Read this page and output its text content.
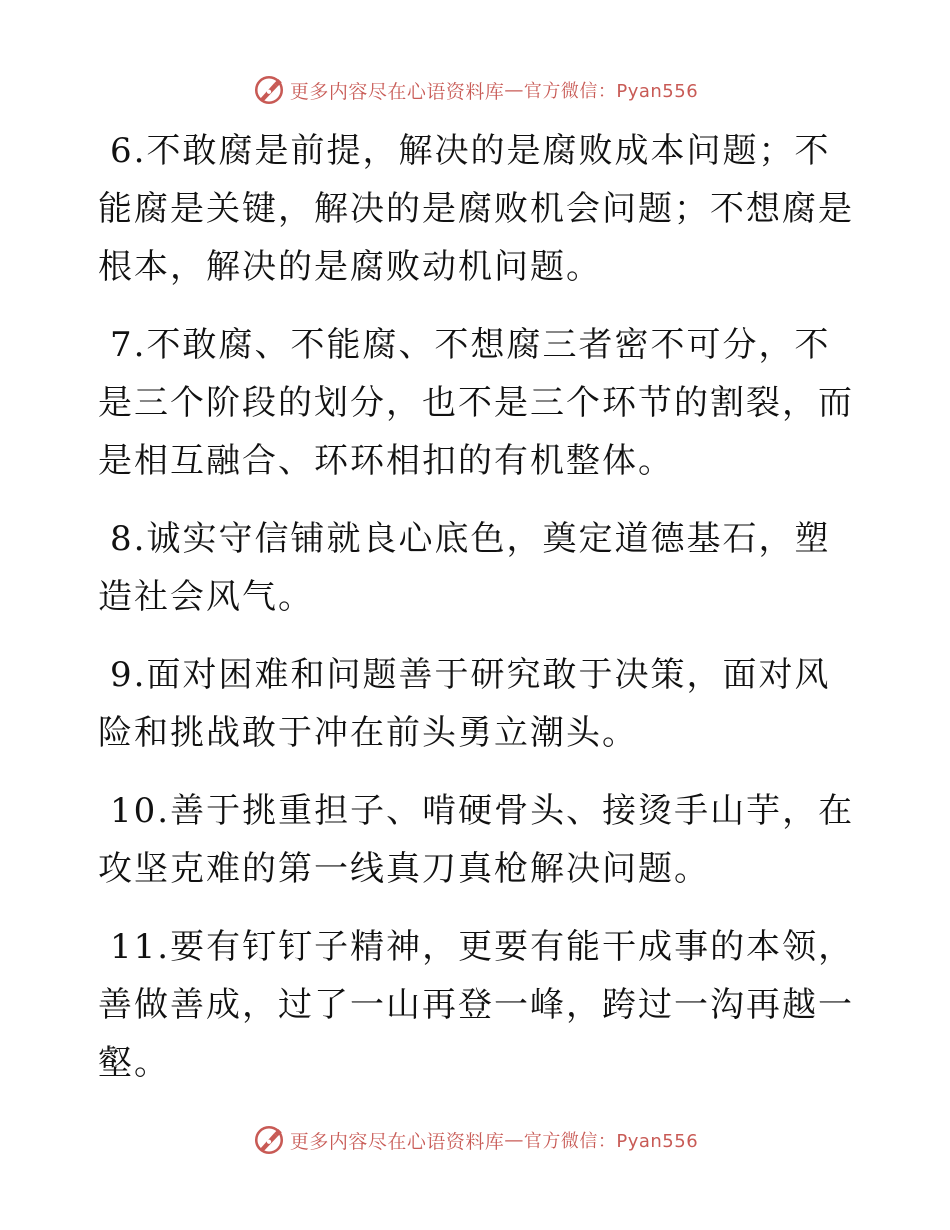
更多内容尽在心语资料库 — 官方微信：Pyan556

6.不敢腐是前提，解决的是腐败成本问题；不能腐是关键，解决的是腐败机会问题；不想腐是根本，解决的是腐败动机问题。

7.不敢腐、不能腐、不想腐三者密不可分，不是三个阶段的划分，也不是三个环节的割裂，而是相互融合、环环相扣的有机整体。

8.诚实守信铺就良心底色，奠定道德基石，塑造社会风气。

9.面对困难和问题善于研究敢于决策，面对风险和挑战敢于冲在前头勇立潮头。

10.善于挑重担子、啃硬骨头、接烫手山芋，在攻坚克难的第一线真刀真枪解决问题。

11.要有钉钉子精神，更要有能干成事的本领，善做善成，过了一山再登一峰，跨过一沟再越一壑。

更多内容尽在心语资料库 — 官方微信：Pyan556
